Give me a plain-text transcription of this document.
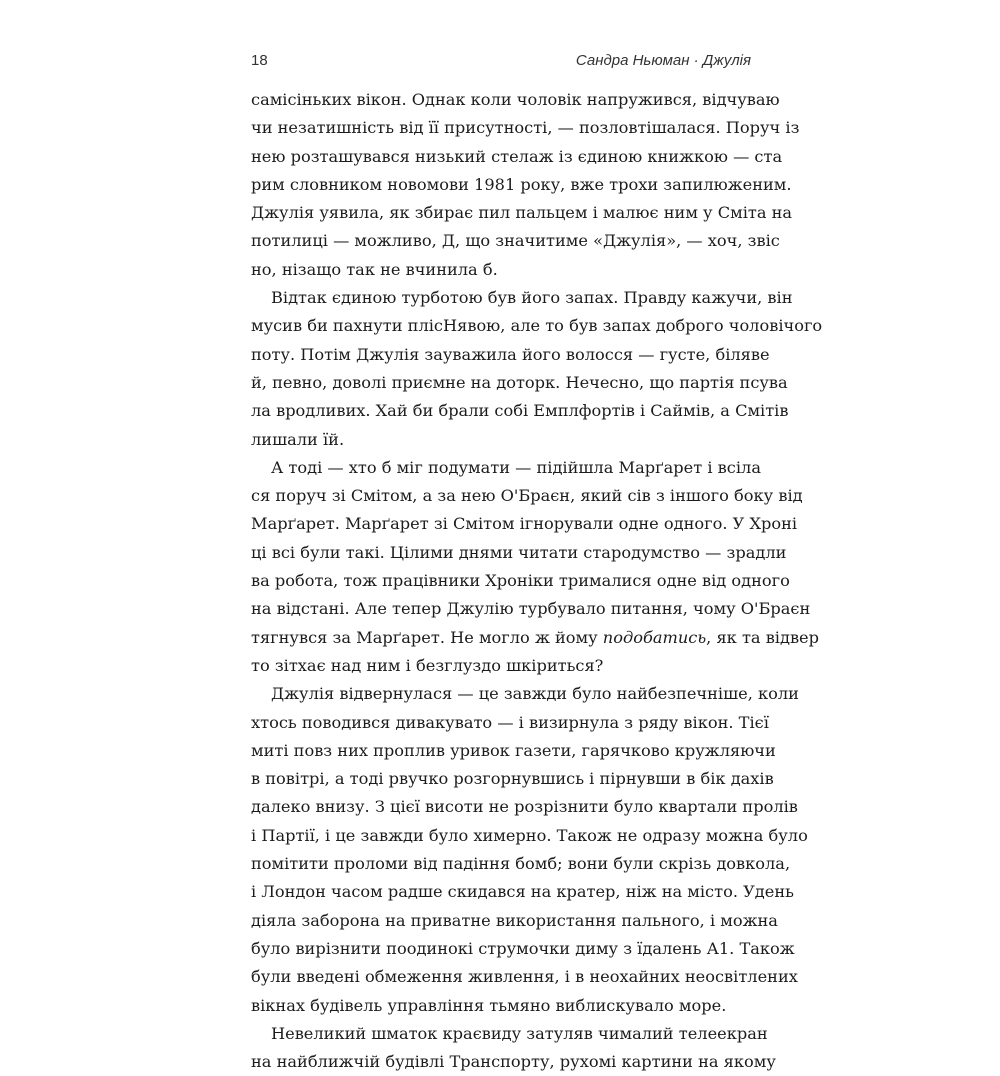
18	Сандра Ньюман · Джулія
самісіньких вікон. Однак коли чоловік напружився, відчуваю
чи незатишність від її присутності, — позловтішалася. Поруч із
нею розташувався низький стелаж із єдиною книжкою — ста
рим словником новомови 1981 року, вже трохи запилюженим.
Джулія уявила, як збирає пил пальцем і малює ним у Сміта на
потилиці — можливо, Д, що значитиме «Джулія», — хоч, звіс
но, нізащо так не вчинила б.
Відтак єдиною турботою був його запах. Правду кажучи, він
мусив би пахнути плісНявою, але то був запах доброго чоловічого
поту. Потім Джулія зауважила його волосся — густе, біляве
й, певно, доволі приємне на доторк. Нечесно, що партія псува
ла вродливих. Хай би брали собі Емплфортів і Саймів, а Смітів
лишали їй.
А тоді — хто б міг подумати — підійшла Марґарет і всіла
ся поруч зі Смітом, а за нею О'Браєн, який сів з іншого боку від
Марґарет. Марґарет зі Смітом ігнорували одне одного. У Хроні
ці всі були такі. Цілими днями читати стародумство — зрадли
ва робота, тож працівники Хроніки трималися одне від одного
на відстані. Але тепер Джулію турбувало питання, чому О'Браєн
тягнувся за Марґарет. Не могло ж йому подобатись, як та відвер
то зітхає над ним і безглуздо шкіриться?
Джулія відвернулася — це завжди було найбезпечніше, коли
хтось поводився дивакувато — і визирнула з ряду вікон. Тієї
миті повз них проплив уривок газети, гарячково кружляючи
в повітрі, а тоді рвучко розгорнувшись і пірнувши в бік дахів
далеко внизу. З цієї висоти не розрізнити було квартали пролів
і Партії, і це завжди було химерно. Також не одразу можна було
помітити проломи від падіння бомб; вони були скрізь довкола,
і Лондон часом радше скидався на кратер, ніж на місто. Удень
діяла заборона на приватне використання пального, і можна
було вирізнити поодинокі струмочки диму з їдалень А1. Також
були введені обмеження живлення, і в неохайних неосвітлених
вікнах будівель управління тьмяно виблискувало море.
Невеликий шматок краєвиду затуляв чималий телеекран
на найближчій будівлі Транспорту, рухомі картини на якому
